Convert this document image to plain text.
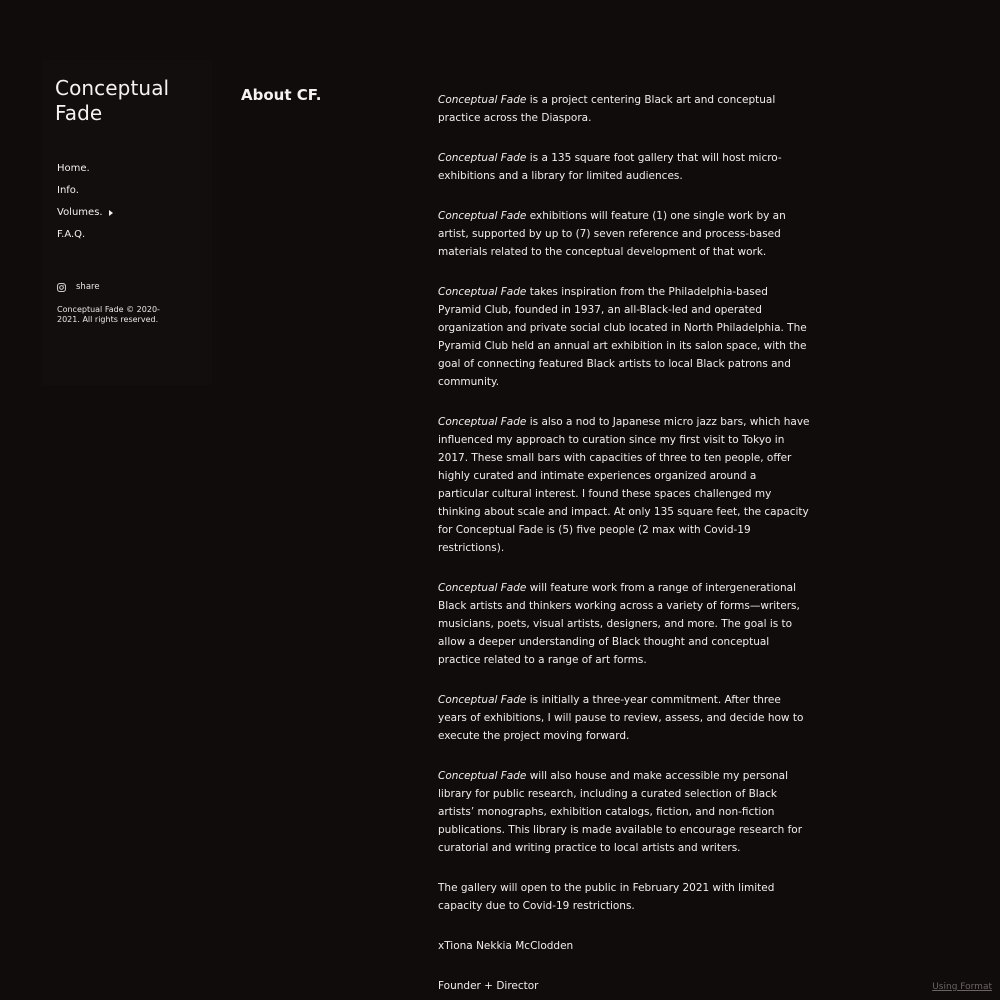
Conceptual Fade
Home.
Info.
Volumes.
F.A.Q.
share
Conceptual Fade © 2020-2021. All rights reserved.
About CF.	Conceptual Fade is a project centering Black art and conceptual practice across the Diaspora.

Conceptual Fade is a 135 square foot gallery that will host micro-exhibitions and a library for limited audiences.

Conceptual Fade exhibitions will feature (1) one single work by an artist, supported by up to (7) seven reference and process-based materials related to the conceptual development of that work.

Conceptual Fade takes inspiration from the Philadelphia-based Pyramid Club, founded in 1937, an all-Black-led and operated organization and private social club located in North Philadelphia. The Pyramid Club held an annual art exhibition in its salon space, with the goal of connecting featured Black artists to local Black patrons and community.

Conceptual Fade is also a nod to Japanese micro jazz bars, which have influenced my approach to curation since my first visit to Tokyo in 2017. These small bars with capacities of three to ten people, offer highly curated and intimate experiences organized around a particular cultural interest. I found these spaces challenged my thinking about scale and impact. At only 135 square feet, the capacity for Conceptual Fade is (5) five people (2 max with Covid-19 restrictions).

Conceptual Fade will feature work from a range of intergenerational Black artists and thinkers working across a variety of forms—writers, musicians, poets, visual artists, designers, and more. The goal is to allow a deeper understanding of Black thought and conceptual practice related to a range of art forms.

Conceptual Fade is initially a three-year commitment. After three years of exhibitions, I will pause to review, assess, and decide how to execute the project moving forward.

Conceptual Fade will also house and make accessible my personal library for public research, including a curated selection of Black artists’ monographs, exhibition catalogs, fiction, and non-fiction publications. This library is made available to encourage research for curatorial and writing practice to local artists and writers.

The gallery will open to the public in February 2021 with limited capacity due to Covid-19 restrictions.

xTiona Nekkia McClodden

Founder + Director	Using Format
